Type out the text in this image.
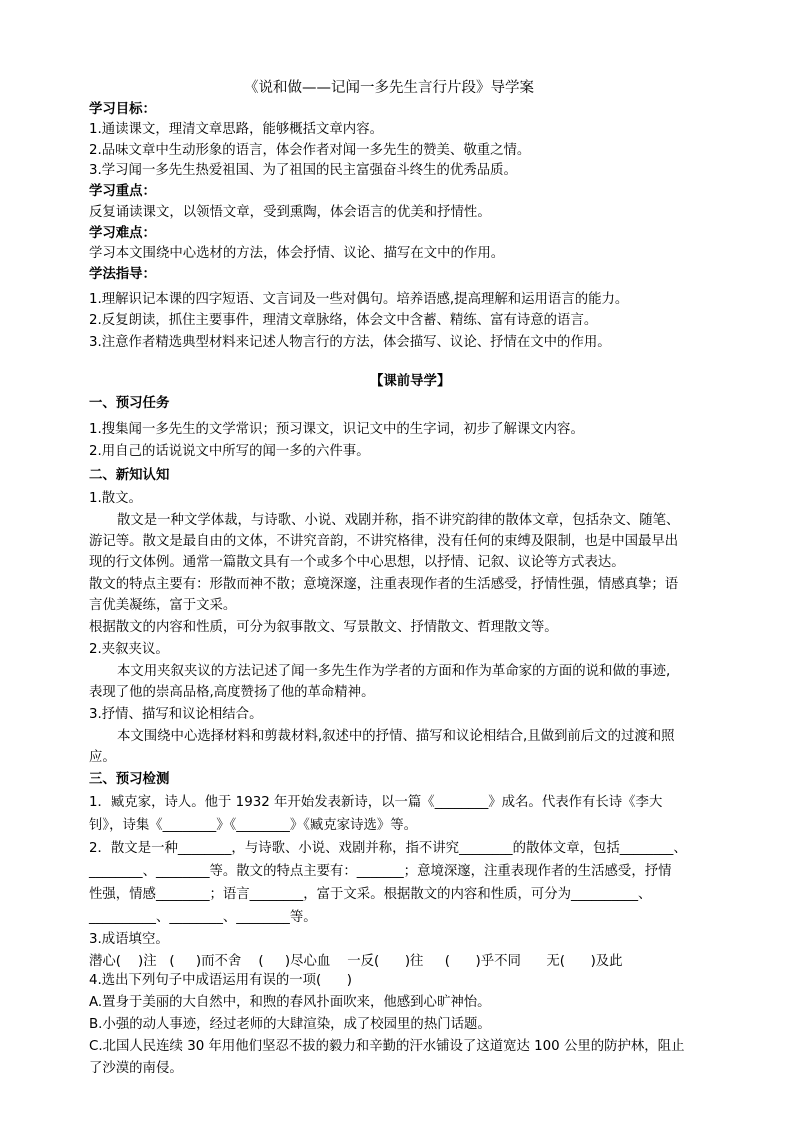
《说和做——记闻一多先生言行片段》导学案
学习目标：
1.通读课文，理清文章思路，能够概括文章内容。
2.品味文章中生动形象的语言，体会作者对闻一多先生的赞美、敬重之情。
3.学习闻一多先生热爱祖国、为了祖国的民主富强奋斗终生的优秀品质。
学习重点：
反复诵读课文，以领悟文章，受到熏陶，体会语言的优美和抒情性。
学习难点：
学习本文围绕中心选材的方法，体会抒情、议论、描写在文中的作用。
学法指导：
1.理解识记本课的四字短语、文言词及一些对偶句。培养语感,提高理解和运用语言的能力。
2.反复朗读，抓住主要事件，理清文章脉络，体会文中含蓄、精练、富有诗意的语言。
3.注意作者精选典型材料来记述人物言行的方法，体会描写、议论、抒情在文中的作用。
【课前导学】
一、预习任务
1.搜集闻一多先生的文学常识；预习课文，识记文中的生字词，初步了解课文内容。
2.用自己的话说说文中所写的闻一多的六件事。
二、新知认知
1.散文。
散文是一种文学体裁，与诗歌、小说、戏剧并称，指不讲究韵律的散体文章，包括杂文、随笔、
游记等。散文是最自由的文体，不讲究音韵，不讲究格律，没有任何的束缚及限制，也是中国最早出
现的行文体例。通常一篇散文具有一个或多个中心思想，以抒情、记叙、议论等方式表达。
散文的特点主要有：形散而神不散；意境深邃，注重表现作者的生活感受，抒情性强，情感真挚；语
言优美凝练，富于文采。
根据散文的内容和性质，可分为叙事散文、写景散文、抒情散文、哲理散文等。
2.夹叙夹议。
本文用夹叙夹议的方法记述了闻一多先生作为学者的方面和作为革命家的方面的说和做的事迹,
表现了他的崇高品格,高度赞扬了他的革命精神。
3.抒情、描写和议论相结合。
本文围绕中心选择材料和剪裁材料,叙述中的抒情、描写和议论相结合,且做到前后文的过渡和照
应。
三、预习检测
1．臧克家，诗人。他于 1932 年开始发表新诗，以一篇《________》成名。代表作有长诗《李大
钊》，诗集《________》《________》《臧克家诗选》等。
2．散文是一种________，与诗歌、小说、戏剧并称，指不讲究________的散体文章，包括________、
________、________等。散文的特点主要有：_______；意境深邃，注重表现作者的生活感受，抒情
性强，情感________；语言________，富于文采。根据散文的内容和性质，可分为__________、
__________、________、________等。
3.成语填空。
潜心(    )注   (     )而不舍    (     )尽心血    一反(      )往     (      )乎不同      无(      )及此
4.选出下列句子中成语运用有误的一项(      )
A.置身于美丽的大自然中，和煦的春风扑面吹来，他感到心旷神怡。
B.小强的动人事迹，经过老师的大肆渲染，成了校园里的热门话题。
C.北国人民连续 30 年用他们坚忍不拔的毅力和辛勤的汗水铺设了这道宽达 100 公里的防护林，阻止
了沙漠的南侵。
